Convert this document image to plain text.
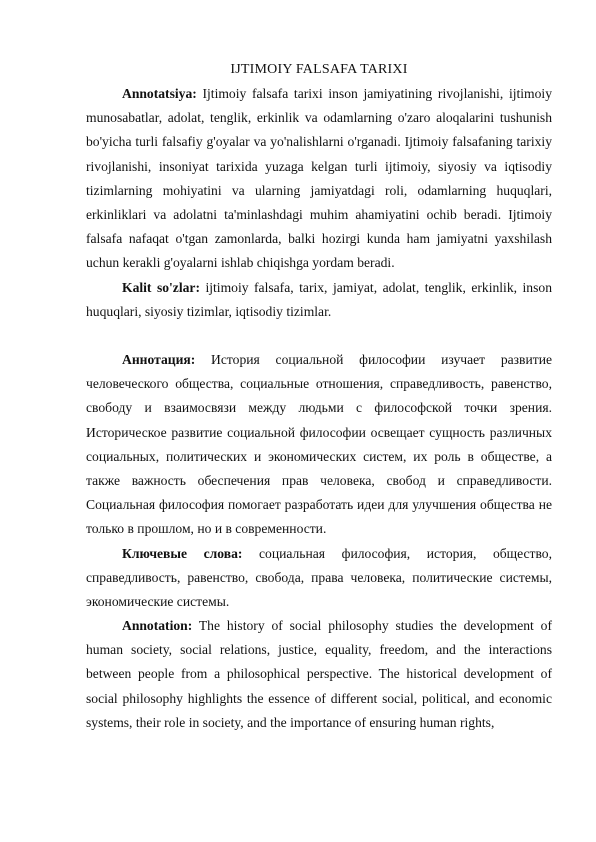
IJTIMOIY FALSAFA TARIXI

Annotatsiya: Ijtimoiy falsafa tarixi inson jamiyatining rivojlanishi, ijtimoiy munosabatlar, adolat, tenglik, erkinlik va odamlarning o'zaro aloqalarini tushunish bo'yicha turli falsafiy g'oyalar va yo'nalishlarni o'rganadi. Ijtimoiy falsafaning tarixiy rivojlanishi, insoniyat tarixida yuzaga kelgan turli ijtimoiy, siyosiy va iqtisodiy tizimlarning mohiyatini va ularning jamiyatdagi roli, odamlarning huquqlari, erkinliklari va adolatni ta'minlashdagi muhim ahamiyatini ochib beradi. Ijtimoiy falsafa nafaqat o'tgan zamonlarda, balki hozirgi kunda ham jamiyatni yaxshilash uchun kerakli g'oyalarni ishlab chiqishga yordam beradi.

Kalit so'zlar: ijtimoiy falsafa, tarix, jamiyat, adolat, tenglik, erkinlik, inson huquqlari, siyosiy tizimlar, iqtisodiy tizimlar.

Аннотация: История социальной философии изучает развитие человеческого общества, социальные отношения, справедливость, равенство, свободу и взаимосвязи между людьми с философской точки зрения. Историческое развитие социальной философии освещает сущность различных социальных, политических и экономических систем, их роль в обществе, а также важность обеспечения прав человека, свобод и справедливости. Социальная философия помогает разработать идеи для улучшения общества не только в прошлом, но и в современности.

Ключевые слова: социальная философия, история, общество, справедливость, равенство, свобода, права человека, политические системы, экономические системы.

Annotation: The history of social philosophy studies the development of human society, social relations, justice, equality, freedom, and the interactions between people from a philosophical perspective. The historical development of social philosophy highlights the essence of different social, political, and economic systems, their role in society, and the importance of ensuring human rights,
